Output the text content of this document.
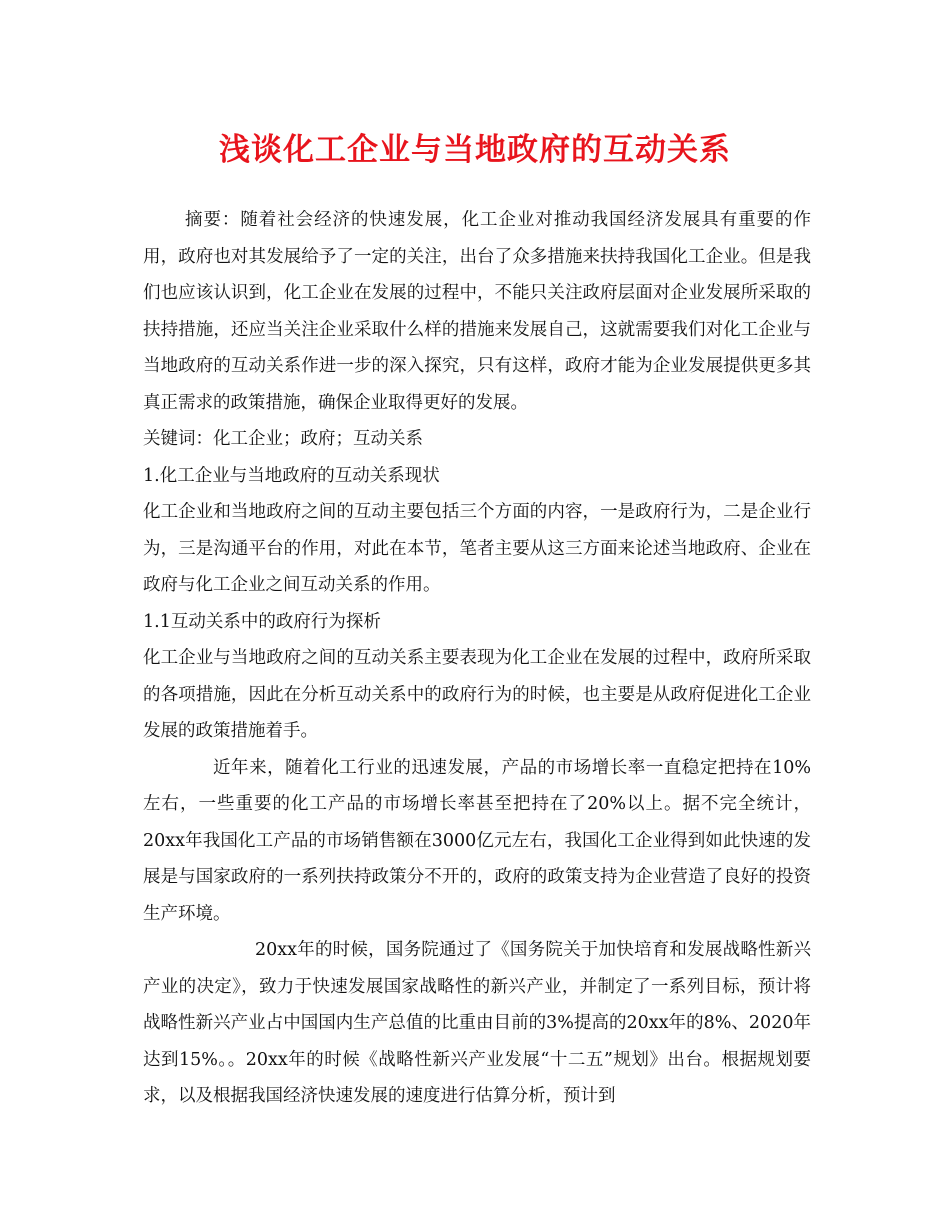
浅谈化工企业与当地政府的互动关系

摘要：随着社会经济的快速发展，化工企业对推动我国经济发展具有重要的作用，政府也对其发展给予了一定的关注，出台了众多措施来扶持我国化工企业。但是我们也应该认识到，化工企业在发展的过程中，不能只关注政府层面对企业发展所采取的扶持措施，还应当关注企业采取什么样的措施来发展自己，这就需要我们对化工企业与当地政府的互动关系作进一步的深入探究，只有这样，政府才能为企业发展提供更多其真正需求的政策措施，确保企业取得更好的发展。

关键词：化工企业；政府；互动关系

1.化工企业与当地政府的互动关系现状

化工企业和当地政府之间的互动主要包括三个方面的内容，一是政府行为，二是企业行为，三是沟通平台的作用，对此在本节，笔者主要从这三方面来论述当地政府、企业在政府与化工企业之间互动关系的作用。

1.1互动关系中的政府行为探析

化工企业与当地政府之间的互动关系主要表现为化工企业在发展的过程中，政府所采取的各项措施，因此在分析互动关系中的政府行为的时候，也主要是从政府促进化工企业发展的政策措施着手。

近年来，随着化工行业的迅速发展，产品的市场增长率一直稳定把持在10%左右，一些重要的化工产品的市场增长率甚至把持在了20%以上。据不完全统计，20xx年我国化工产品的市场销售额在3000亿元左右，我国化工企业得到如此快速的发展是与国家政府的一系列扶持政策分不开的，政府的政策支持为企业营造了良好的投资生产环境。

20xx年的时候，国务院通过了《国务院关于加快培育和发展战略性新兴产业的决定》，致力于快速发展国家战略性的新兴产业，并制定了一系列目标，预计将战略性新兴产业占中国国内生产总值的比重由目前的3%提高的20xx年的8%、2020年达到15%。。20xx年的时候《战略性新兴产业发展“十二五”规划》出台。根据规划要求，以及根据我国经济快速发展的速度进行估算分析，预计到
